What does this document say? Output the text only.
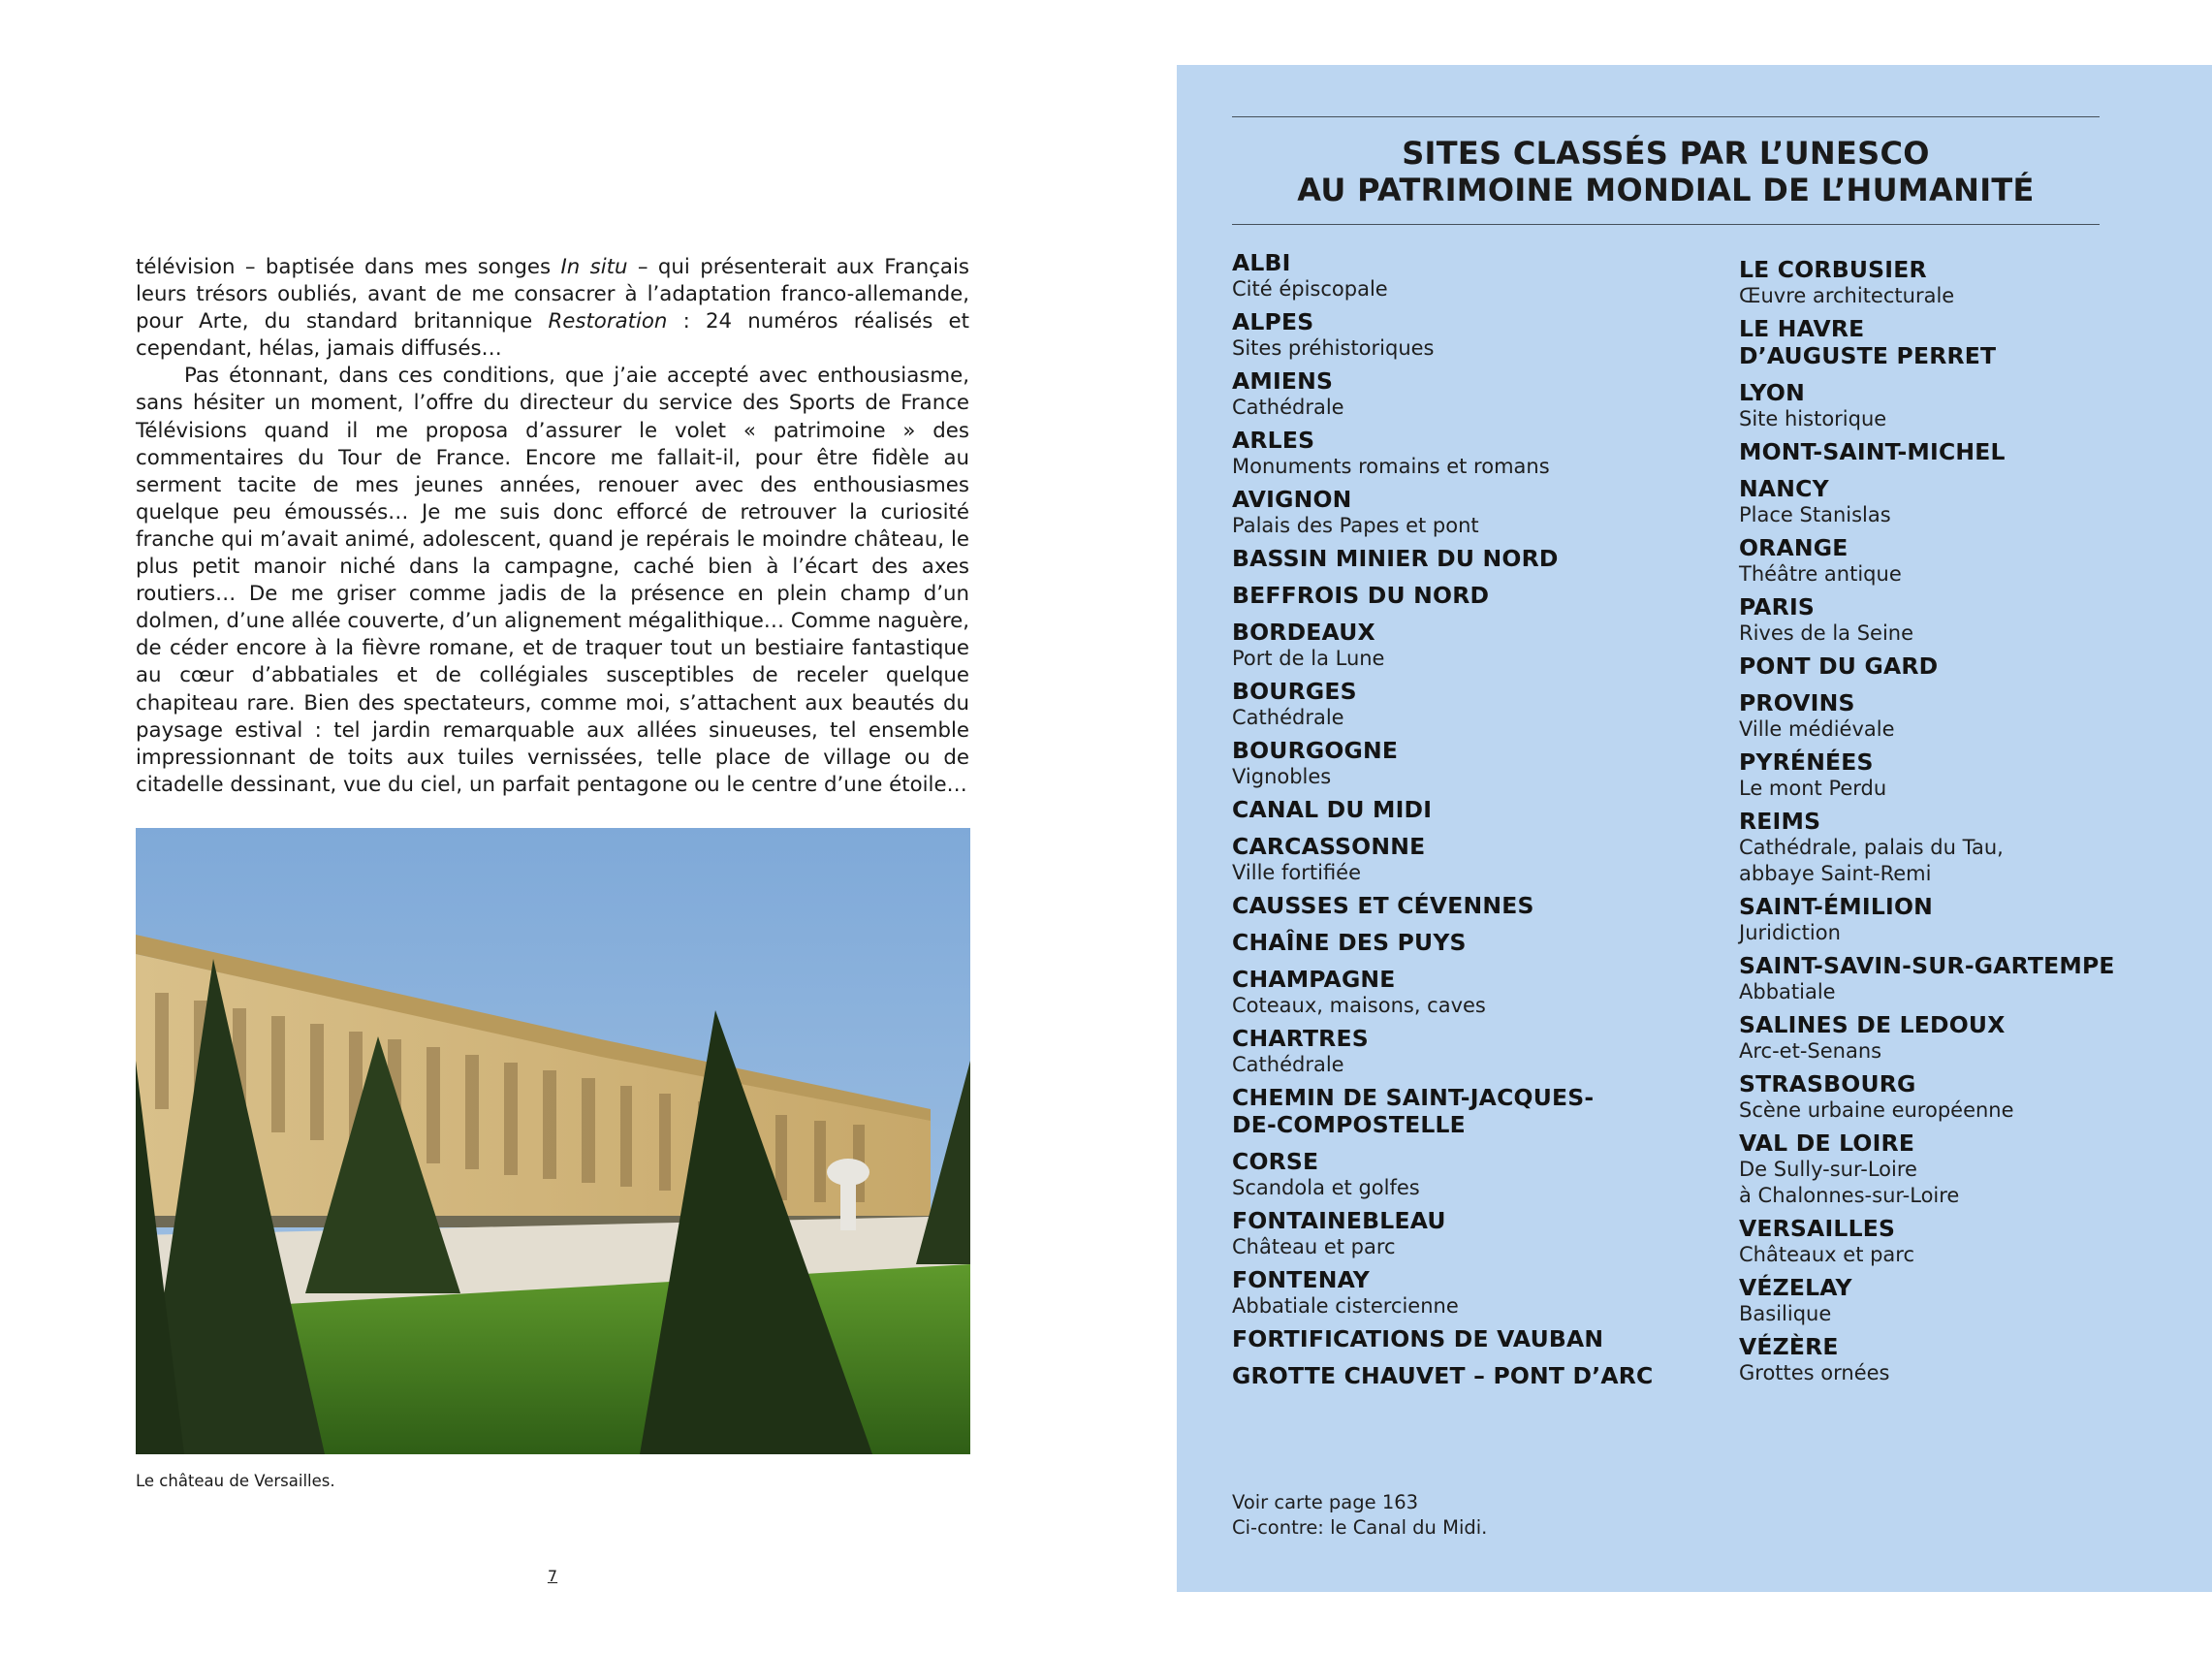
télévision – baptisée dans mes songes In situ – qui présenterait aux Français leurs trésors oubliés, avant de me consacrer à l’adaptation franco-allemande, pour Arte, du standard britannique Restoration : 24 numéros réalisés et cependant, hélas, jamais diffusés…

Pas étonnant, dans ces conditions, que j’aie accepté avec enthousiasme, sans hésiter un moment, l’offre du directeur du service des Sports de France Télévisions quand il me proposa d’assurer le volet « patrimoine » des commentaires du Tour de France. Encore me fallait-il, pour être fidèle au serment tacite de mes jeunes années, renouer avec des enthousiasmes quelque peu émoussés… Je me suis donc efforcé de retrouver la curiosité franche qui m’avait animé, adolescent, quand je repérais le moindre château, le plus petit manoir niché dans la campagne, caché bien à l’écart des axes routiers… De me griser comme jadis de la présence en plein champ d’un dolmen, d’une allée couverte, d’un alignement mégalithique… Comme naguère, de céder encore à la fièvre romane, et de traquer tout un bestiaire fantastique au cœur d’abbatiales et de collégiales susceptibles de receler quelque chapiteau rare. Bien des spectateurs, comme moi, s’attachent aux beautés du paysage estival : tel jardin remarquable aux allées sinueuses, tel ensemble impressionnant de toits aux tuiles vernissées, telle place de village ou de citadelle dessinant, vue du ciel, un parfait pentagone ou le centre d’une étoile…

Le château de Versailles.
7
SITES CLASSÉS PAR L’UNESCO
AU PATRIMOINE MONDIAL DE L’HUMANITÉ
ALBI
Cité épiscopale
ALPES
Sites préhistoriques
AMIENS
Cathédrale
ARLES
Monuments romains et romans
AVIGNON
Palais des Papes et pont
BASSIN MINIER DU NORD
BEFFROIS DU NORD
BORDEAUX
Port de la Lune
BOURGES
Cathédrale
BOURGOGNE
Vignobles
CANAL DU MIDI
CARCASSONNE
Ville fortifiée
CAUSSES ET CÉVENNES
CHAÎNE DES PUYS
CHAMPAGNE
Coteaux, maisons, caves
CHARTRES
Cathédrale
CHEMIN DE SAINT-JACQUES-
DE-COMPOSTELLE
CORSE
Scandola et golfes
FONTAINEBLEAU
Château et parc
FONTENAY
Abbatiale cistercienne
FORTIFICATIONS DE VAUBAN
GROTTE CHAUVET – PONT D’ARC
LE CORBUSIER
Œuvre architecturale
LE HAVRE
D’AUGUSTE PERRET
LYON
Site historique
MONT-SAINT-MICHEL
NANCY
Place Stanislas
ORANGE
Théâtre antique
PARIS
Rives de la Seine
PONT DU GARD
PROVINS
Ville médiévale
PYRÉNÉES
Le mont Perdu
REIMS
Cathédrale, palais du Tau,
abbaye Saint-Remi
SAINT-ÉMILION
Juridiction
SAINT-SAVIN-SUR-GARTEMPE
Abbatiale
SALINES DE LEDOUX
Arc-et-Senans
STRASBOURG
Scène urbaine européenne
VAL DE LOIRE
De Sully-sur-Loire
à Chalonnes-sur-Loire
VERSAILLES
Châteaux et parc
VÉZELAY
Basilique
VÉZÈRE
Grottes ornées
Voir carte page 163
Ci-contre: le Canal du Midi.
